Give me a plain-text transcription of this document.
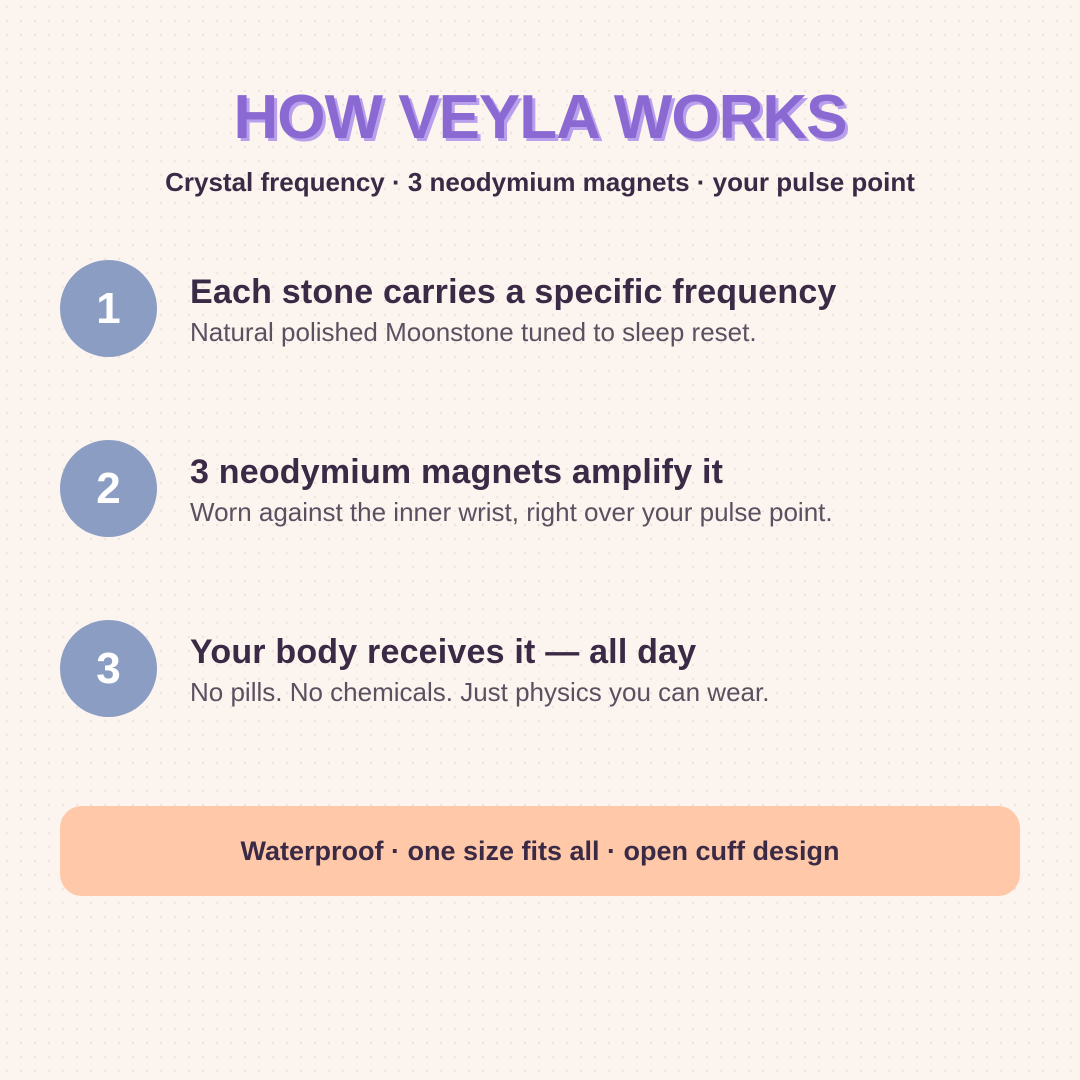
HOW VEYLA WORKS

Crystal frequency · 3 neodymium magnets · your pulse point

1	Each stone carries a specific frequency
Natural polished Moonstone tuned to sleep reset.
2	3 neodymium magnets amplify it
Worn against the inner wrist, right over your pulse point.
3	Your body receives it — all day
No pills. No chemicals. Just physics you can wear.
Waterproof · one size fits all · open cuff design
